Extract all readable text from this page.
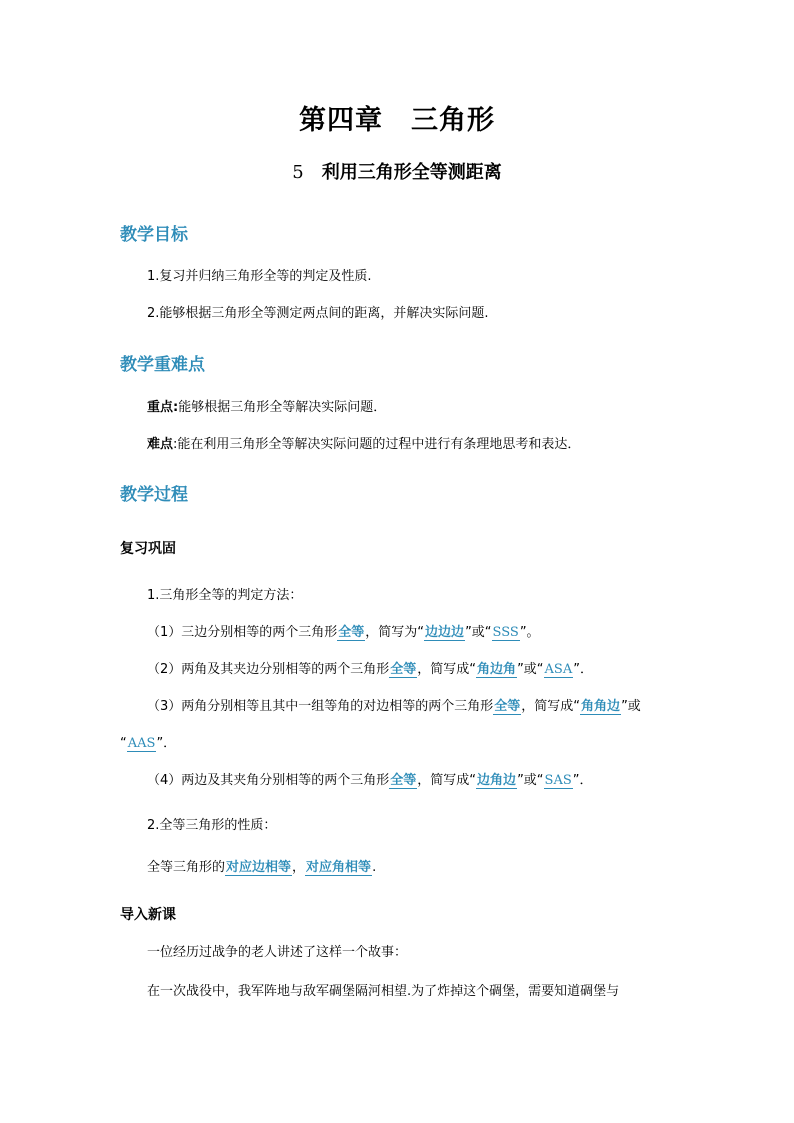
第四章　三角形
5 利用三角形全等测距离
教学目标
1.复习并归纳三角形全等的判定及性质.
2.能够根据三角形全等测定两点间的距离，并解决实际问题.
教学重难点
重点:能够根据三角形全等解决实际问题．
难点:能在利用三角形全等解决实际问题的过程中进行有条理地思考和表达．
教学过程
复习巩固
1.三角形全等的判定方法：
（1）三边分别相等的两个三角形全等，简写为“边边边”或“SSS”。
（2）两角及其夹边分别相等的两个三角形全等，简写成“角边角”或“ASA”．
（3）两角分别相等且其中一组等角的对边相等的两个三角形全等，简写成“角角边”或
“AAS”．
（4）两边及其夹角分别相等的两个三角形全等，简写成“边角边”或“SAS”．
2.全等三角形的性质：
全等三角形的对应边相等，对应角相等.
导入新课
一位经历过战争的老人讲述了这样一个故事：
在一次战役中，我军阵地与敌军碉堡隔河相望.为了炸掉这个碉堡，需要知道碉堡与
